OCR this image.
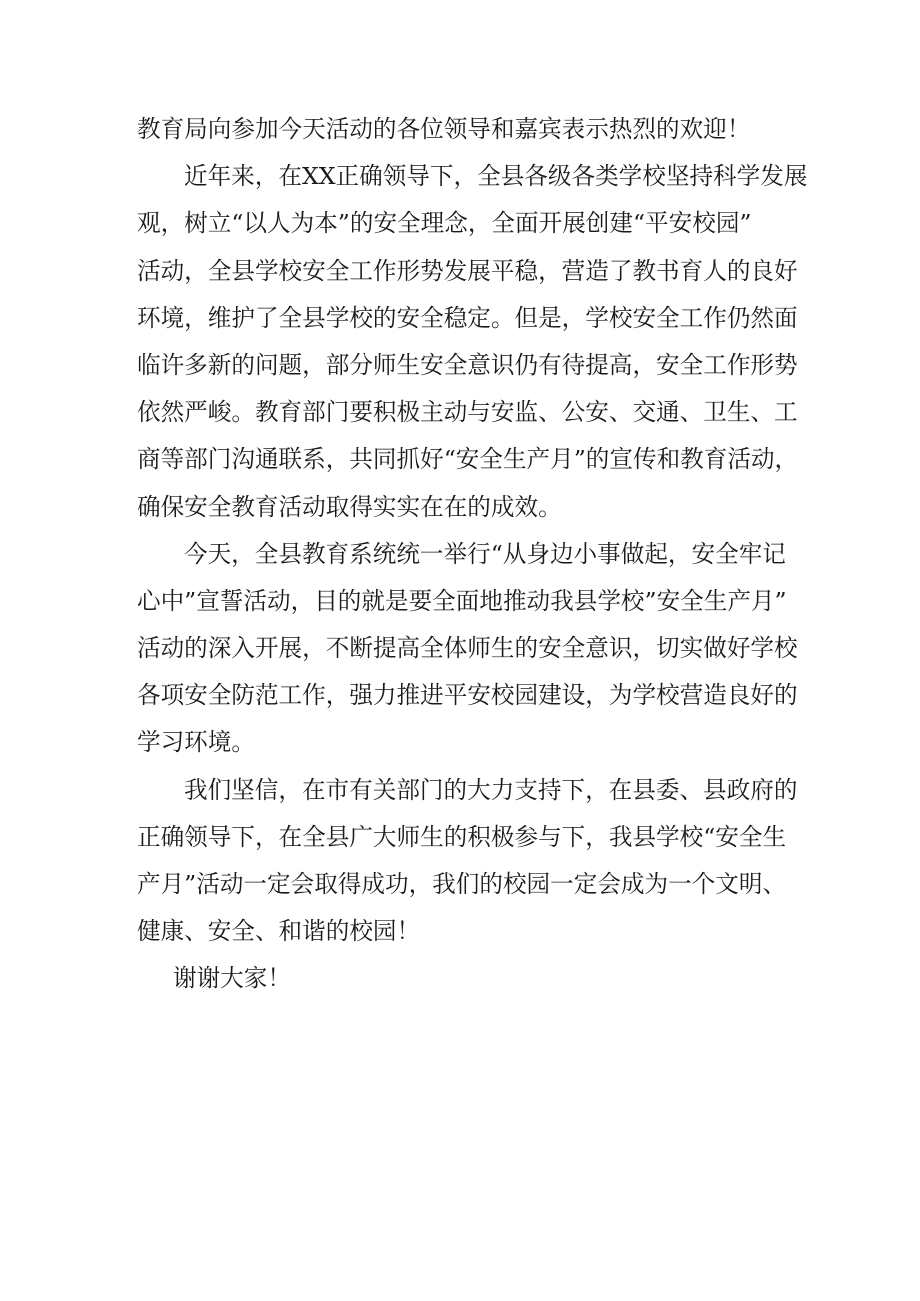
教育局向参加今天活动的各位领导和嘉宾表示热烈的欢迎！
近年来，在XX正确领导下，全县各级各类学校坚持科学发展
观，树立“以人为本”的安全理念，全面开展创建“平安校园”
活动，全县学校安全工作形势发展平稳，营造了教书育人的良好
环境，维护了全县学校的安全稳定。但是，学校安全工作仍然面
临许多新的问题，部分师生安全意识仍有待提高，安全工作形势
依然严峻。教育部门要积极主动与安监、公安、交通、卫生、工
商等部门沟通联系，共同抓好“安全生产月”的宣传和教育活动，
确保安全教育活动取得实实在在的成效。
今天，全县教育系统统一举行“从身边小事做起，安全牢记
心中”宣誓活动，目的就是要全面地推动我县学校”安全生产月”
活动的深入开展，不断提高全体师生的安全意识，切实做好学校
各项安全防范工作，强力推进平安校园建设，为学校营造良好的
学习环境。
我们坚信，在市有关部门的大力支持下，在县委、县政府的
正确领导下，在全县广大师生的积极参与下，我县学校“安全生
产月”活动一定会取得成功，我们的校园一定会成为一个文明、
健康、安全、和谐的校园！
谢谢大家！
